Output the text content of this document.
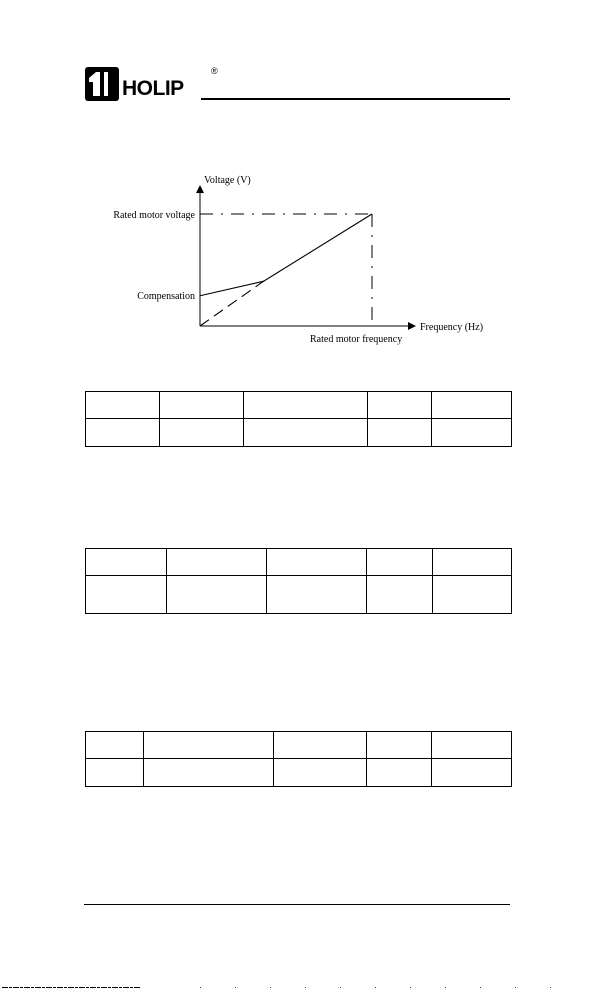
HOLIP
®
Voltage (V)
Frequency (Hz)
Rated motor voltage
Compensation
Rated motor frequency
